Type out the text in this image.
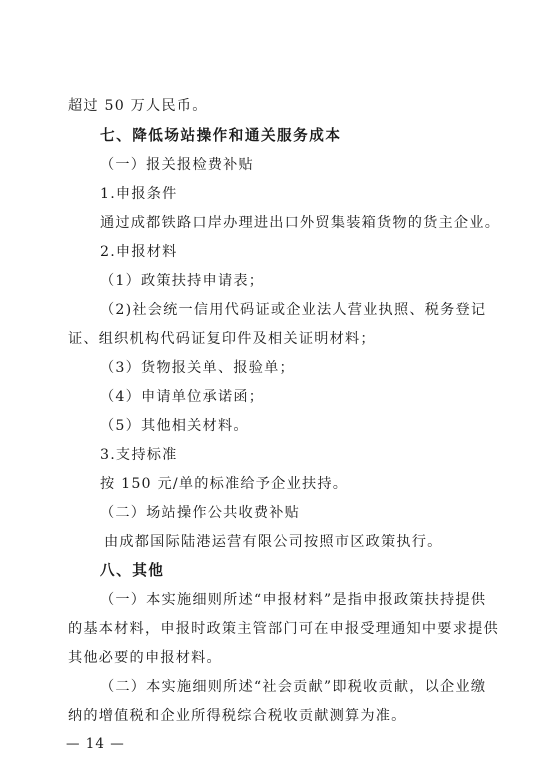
超过 50 万人民币。
七、降低场站操作和通关服务成本
（一）报关报检费补贴
1.申报条件
通过成都铁路口岸办理进出口外贸集装箱货物的货主企业。
2.申报材料
（1）政策扶持申请表；
（2)社会统一信用代码证或企业法人营业执照、税务登记
证、组织机构代码证复印件及相关证明材料；
（3）货物报关单、报验单；
（4）申请单位承诺函；
（5）其他相关材料。
3.支持标准
按 150 元/单的标准给予企业扶持。
（二）场站操作公共收费补贴
由成都国际陆港运营有限公司按照市区政策执行。
八、其他
（一）本实施细则所述“申报材料”是指申报政策扶持提供
的基本材料，申报时政策主管部门可在申报受理通知中要求提供
其他必要的申报材料。
（二）本实施细则所述“社会贡献”即税收贡献，以企业缴
纳的增值税和企业所得税综合税收贡献测算为准。
— 14 —
